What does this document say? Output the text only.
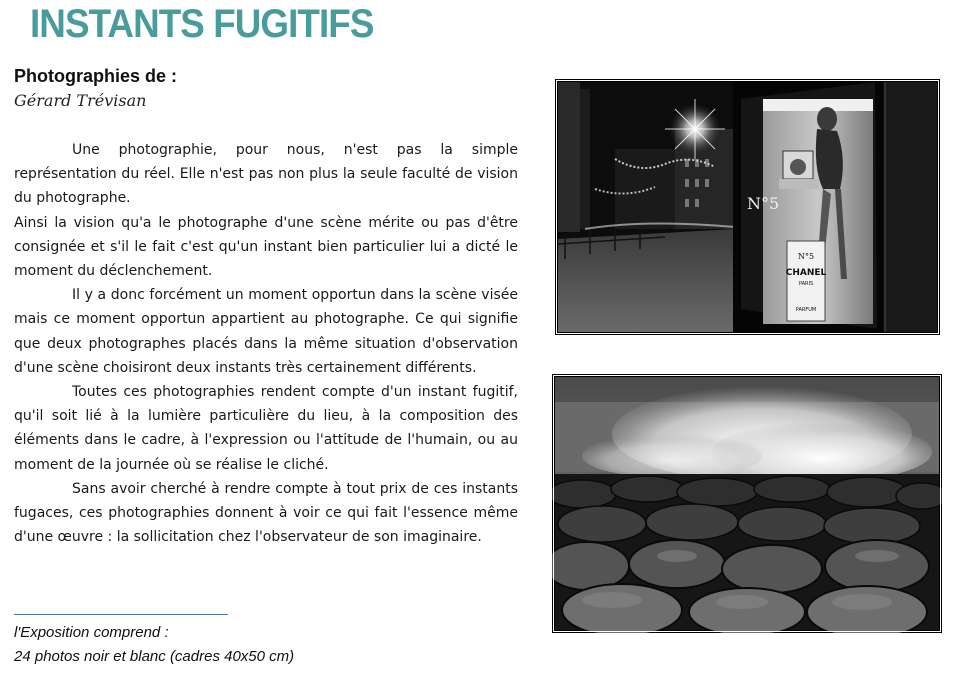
INSTANTS FUGITIFS
Photographies de :
Gérard Trévisan

Une photographie, pour nous, n'est pas la simple représentation du réel. Elle n'est pas non plus la seule faculté de vision du photographe.

Ainsi la vision qu'a le photographe d'une scène mérite ou pas d'être consignée et s'il le fait c'est qu'un instant bien particulier lui a dicté le moment du déclenchement.

Il y a donc forcément un moment opportun dans la scène visée mais ce moment opportun appartient au photographe. Ce qui signifie que deux photographes placés dans la même situation d'observation d'une scène choisiront deux instants très certainement différents.

Toutes ces photographies rendent compte d'un instant fugitif, qu'il soit lié à la lumière particulière du lieu, à la composition des éléments dans le cadre, à l'expression ou l'attitude de l'humain, ou au moment de la journée où se réalise le cliché.

Sans avoir cherché à rendre compte à tout prix de ces instants fugaces, ces photographies donnent à voir ce qui fait l'essence même d'une œuvre : la sollicitation chez l'observateur de son imaginaire.

l'Exposition comprend :
24 photos noir et blanc (cadres 40x50 cm)
N°5
N°5
CHANEL
PARIS
PARFUM
